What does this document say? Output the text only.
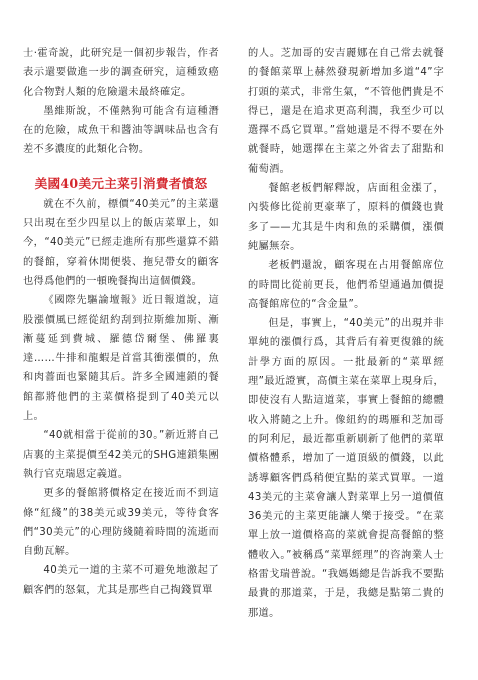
士·霍奇說，此研究是一個初步報告，作者表示還要做進一步的調查研究，這種致癌化合物對人類的危險還未最終確定。

墨維斯說，不僅熱狗可能含有這種潛在的危險，咸魚干和醬油等調味品也含有差不多濃度的此類化合物。

美國40美元主菜引消費者憤怒

就在不久前，標價“40美元”的主菜還只出現在至少四星以上的飯店菜單上，如今，“40美元”已經走進所有那些還算不錯的餐館，穿着休閒便裝、拖兒帶女的顧客也得爲他們的一頓晚餐掏出這個價錢。

《國際先驅論壇報》近日報道說，這股漲價風已經從紐約刮到拉斯維加斯、漸漸蔓延到費城、羅德岱爾堡、佛羅裏達……牛排和龍蝦是首當其衝漲價的，魚和肉薔面也緊隨其后。許多全國連鎖的餐館都將他們的主菜價格提到了40美元以上。

“40就相當于從前的30。”新近將自己店裏的主菜提價至42美元的SHG連鎖集團執行官克瑞恩定義道。

更多的餐館將價格定在接近而不到這條“紅綫”的38美元或39美元，等待食客們“30美元”的心理防綫隨着時間的流逝而自動瓦解。

40美元一道的主菜不可避免地激起了顧客們的怒氣，尤其是那些自己掏錢買單

的人。芝加哥的安吉麗娜在自己常去就餐的餐館菜單上赫然發現新增加多道“4”字打頭的菜式，非常生氣，“不管他們貴是不得已，還是在追求更高利潤，我至少可以選擇不爲它買單。”當她還是不得不要在外就餐時，她選擇在主菜之外省去了甜點和葡萄酒。

餐館老板們解釋說，店面租金漲了，內裝修比從前更豪華了，原料的價錢也貴多了——尤其是牛肉和魚的采購價，漲價純屬無奈。

老板們還說，顧客現在占用餐館席位的時間比從前更長，他們希望通過加價提高餐館席位的“含金量”。

但是，事實上，“40美元”的出現并非單純的漲價行爲，其背后有着更復雜的統計學方面的原因。一批最新的“菜單經理”最近證實，高價主菜在菜單上現身后，即使沒有人點這道菜，事實上餐館的總體收入將隨之上升。像紐約的瑪雁和芝加哥的阿利尼，最近都重新刷新了他們的菜單價格體系，增加了一道頂級的價錢，以此誘導顧客們爲稍便宜點的菜式買單。一道43美元的主菜會讓人對菜單上另一道價值36美元的主菜更能讓人樂于接受。“在菜單上放一道價格高的菜就會提高餐館的整體收入。”被稱爲“菜單經理”的咨詢業人士格雷戈瑞普說。“我媽媽總是告訴我不要點最貴的那道菜，于是，我總是點第二貴的那道。
